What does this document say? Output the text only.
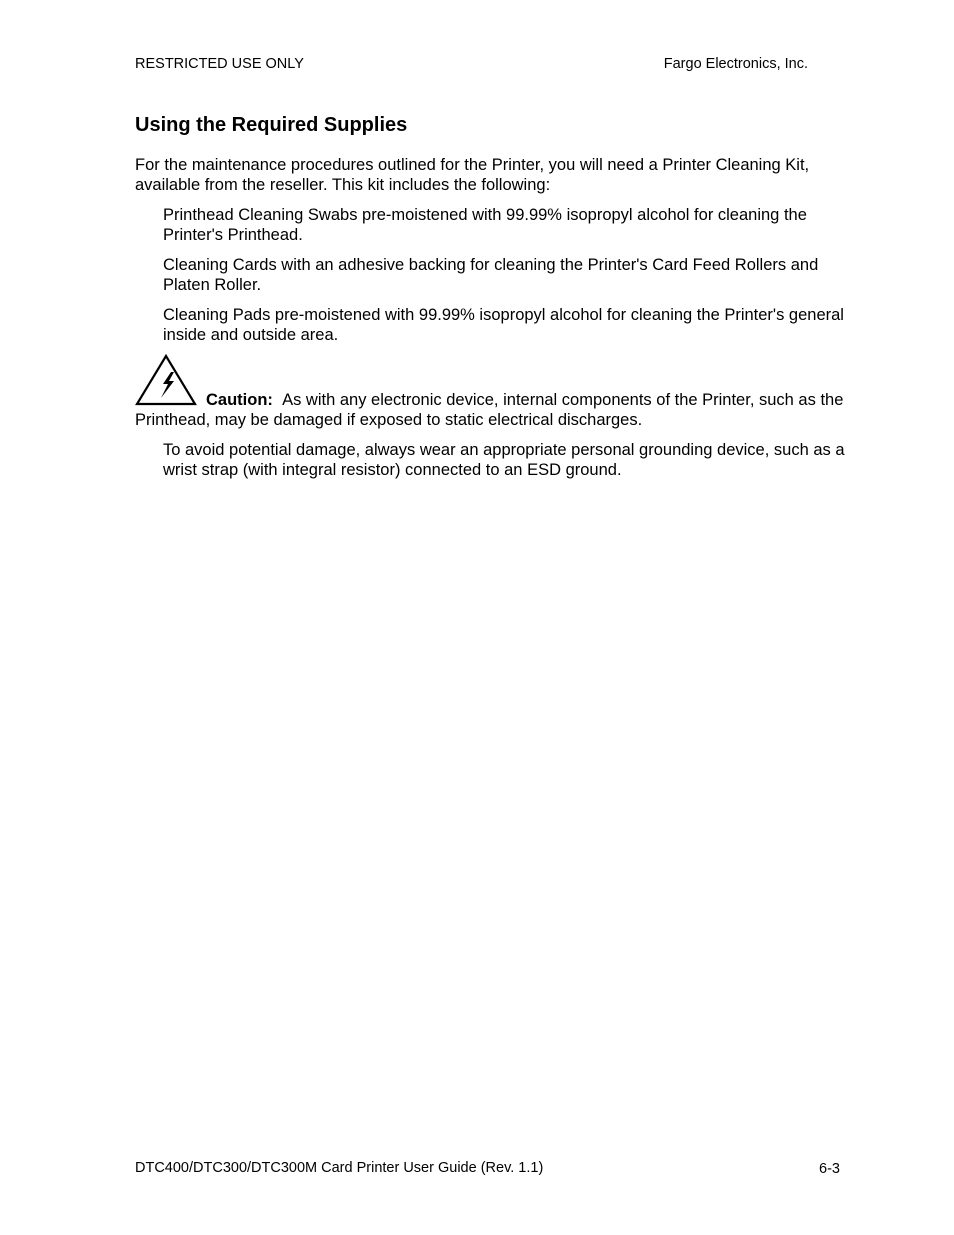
RESTRICTED USE ONLY	Fargo Electronics, Inc.
Using the Required Supplies

For the maintenance procedures outlined for the Printer, you will need a Printer Cleaning Kit, available from the reseller. This kit includes the following:

Printhead Cleaning Swabs pre-moistened with 99.99% isopropyl alcohol for cleaning the Printer's Printhead.

Cleaning Cards with an adhesive backing for cleaning the Printer's Card Feed Rollers and Platen Roller.

Cleaning Pads pre-moistened with 99.99% isopropyl alcohol for cleaning the Printer's general inside and outside area.

Caution: As with any electronic device, internal components of the Printer, such as the Printhead, may be damaged if exposed to static electrical discharges.

To avoid potential damage, always wear an appropriate personal grounding device, such as a wrist strap (with integral resistor) connected to an ESD ground.

DTC400/DTC300/DTC300M Card Printer User Guide (Rev. 1.1)	6-3
